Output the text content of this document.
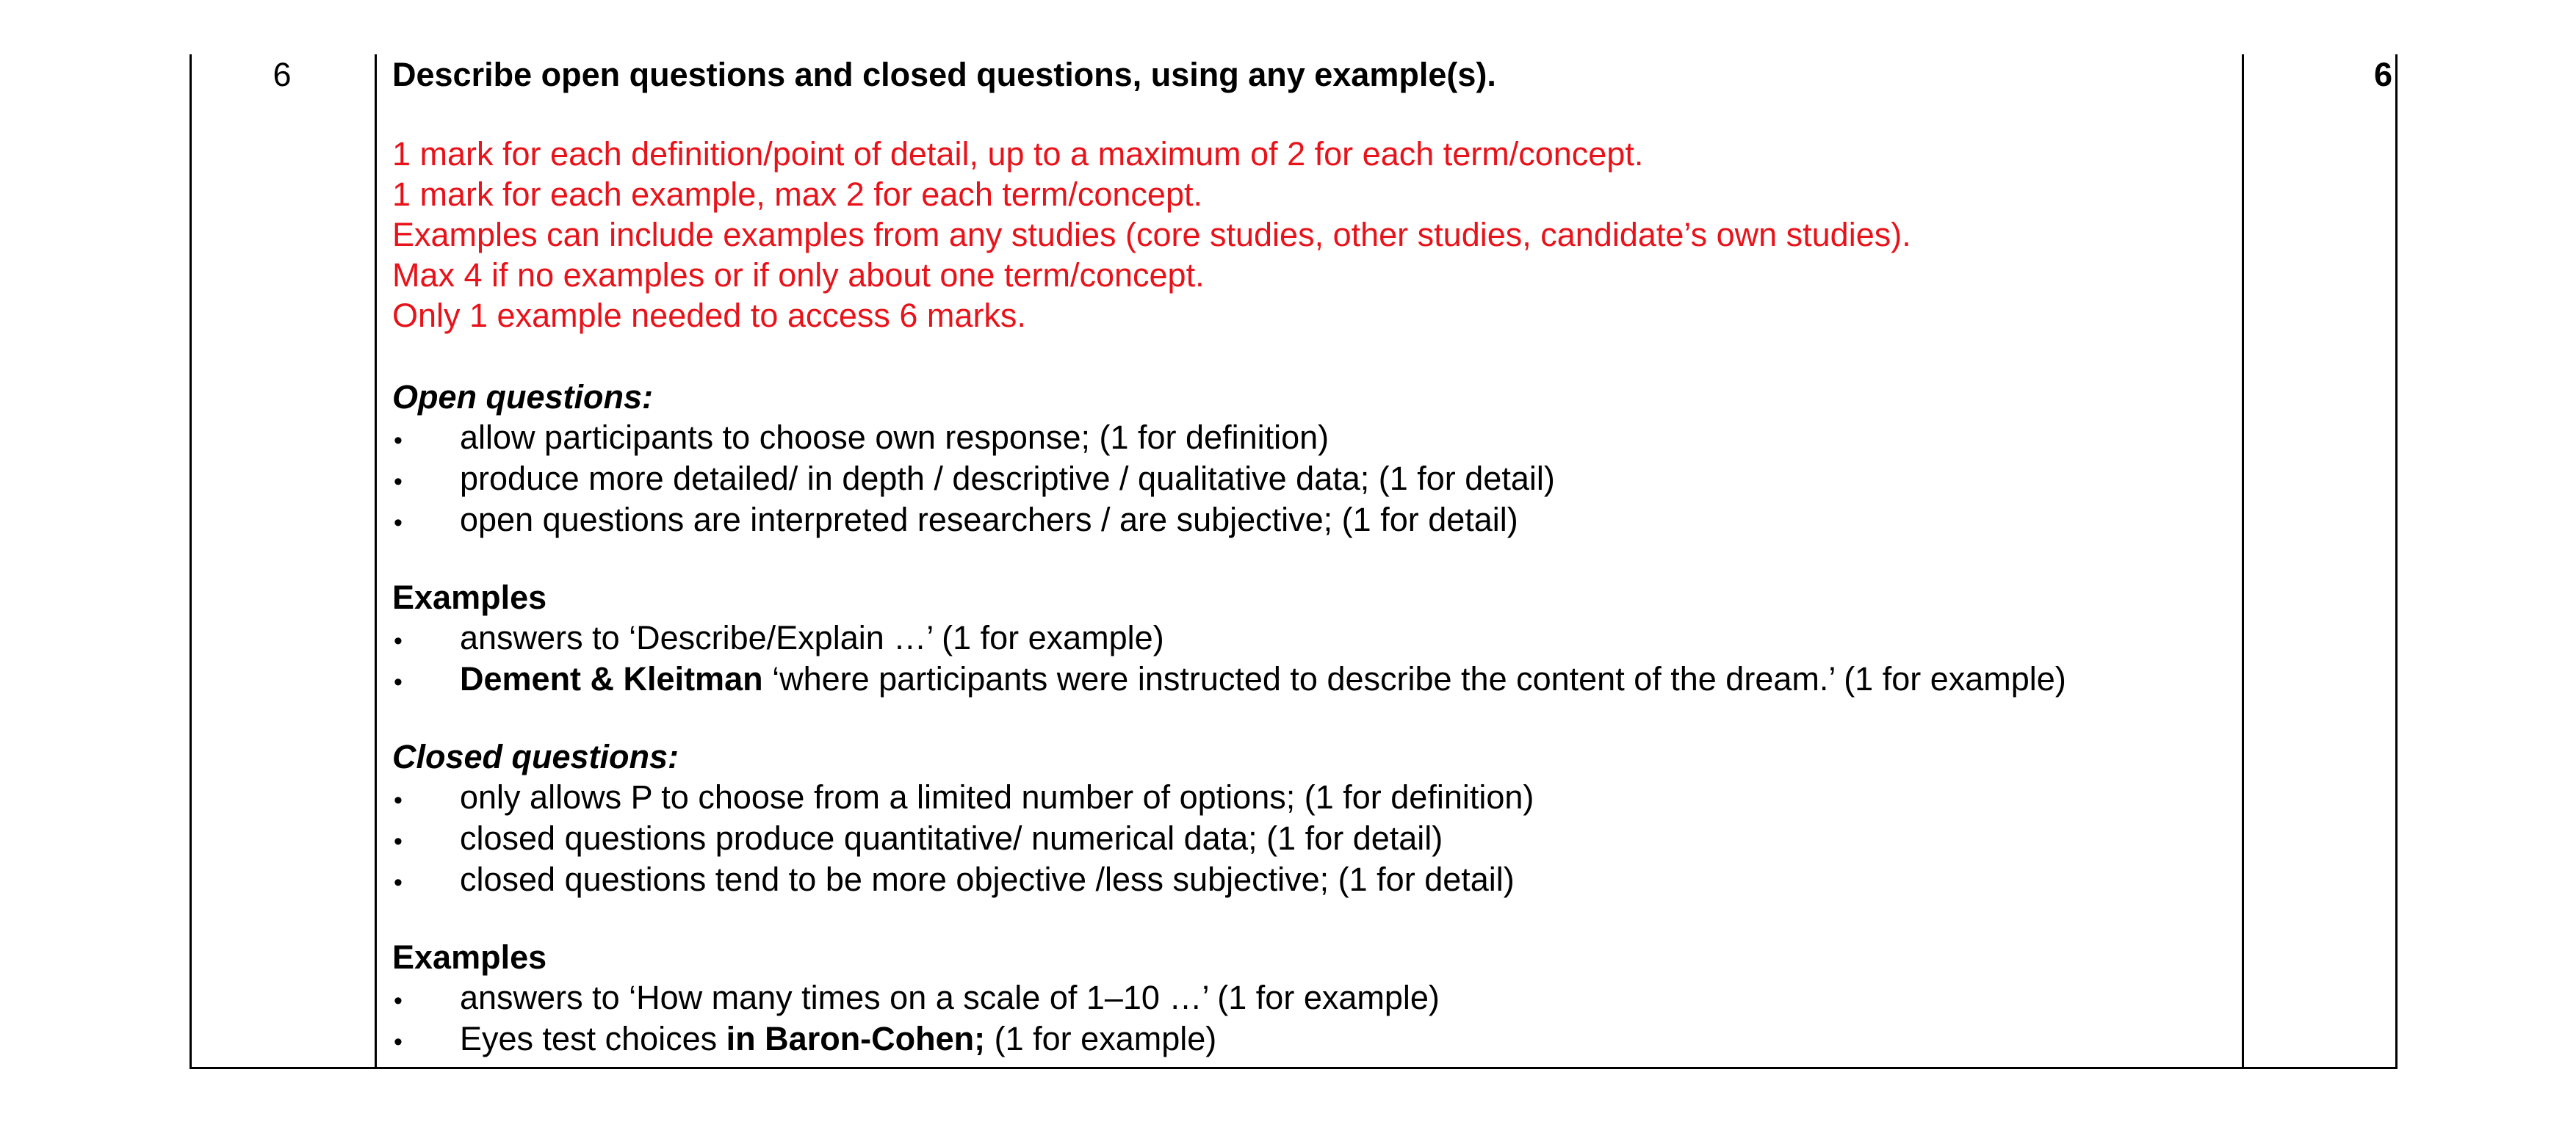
6	6
Describe open questions and closed questions, using any example(s).
1 mark for each definition/point of detail, up to a maximum of 2 for each term/concept.
1 mark for each example, max 2 for each term/concept.
Examples can include examples from any studies (core studies, other studies, candidate’s own studies).
Max 4 if no examples or if only about one term/concept.
Only 1 example needed to access 6 marks.
Open questions:
•	allow participants to choose own response; (1 for definition)
•	produce more detailed/ in depth / descriptive / qualitative data; (1 for detail)
•	open questions are interpreted researchers / are subjective; (1 for detail)
Examples
•	answers to ‘Describe/Explain …’ (1 for example)
•	Dement & Kleitman ‘where participants were instructed to describe the content of the dream.’ (1 for example)
Closed questions:
•	only allows P to choose from a limited number of options; (1 for definition)
•	closed questions produce quantitative/ numerical data; (1 for detail)
•	closed questions tend to be more objective /less subjective; (1 for detail)
Examples
•	answers to ‘How many times on a scale of 1–10 …’ (1 for example)
•	Eyes test choices in Baron-Cohen; (1 for example)
